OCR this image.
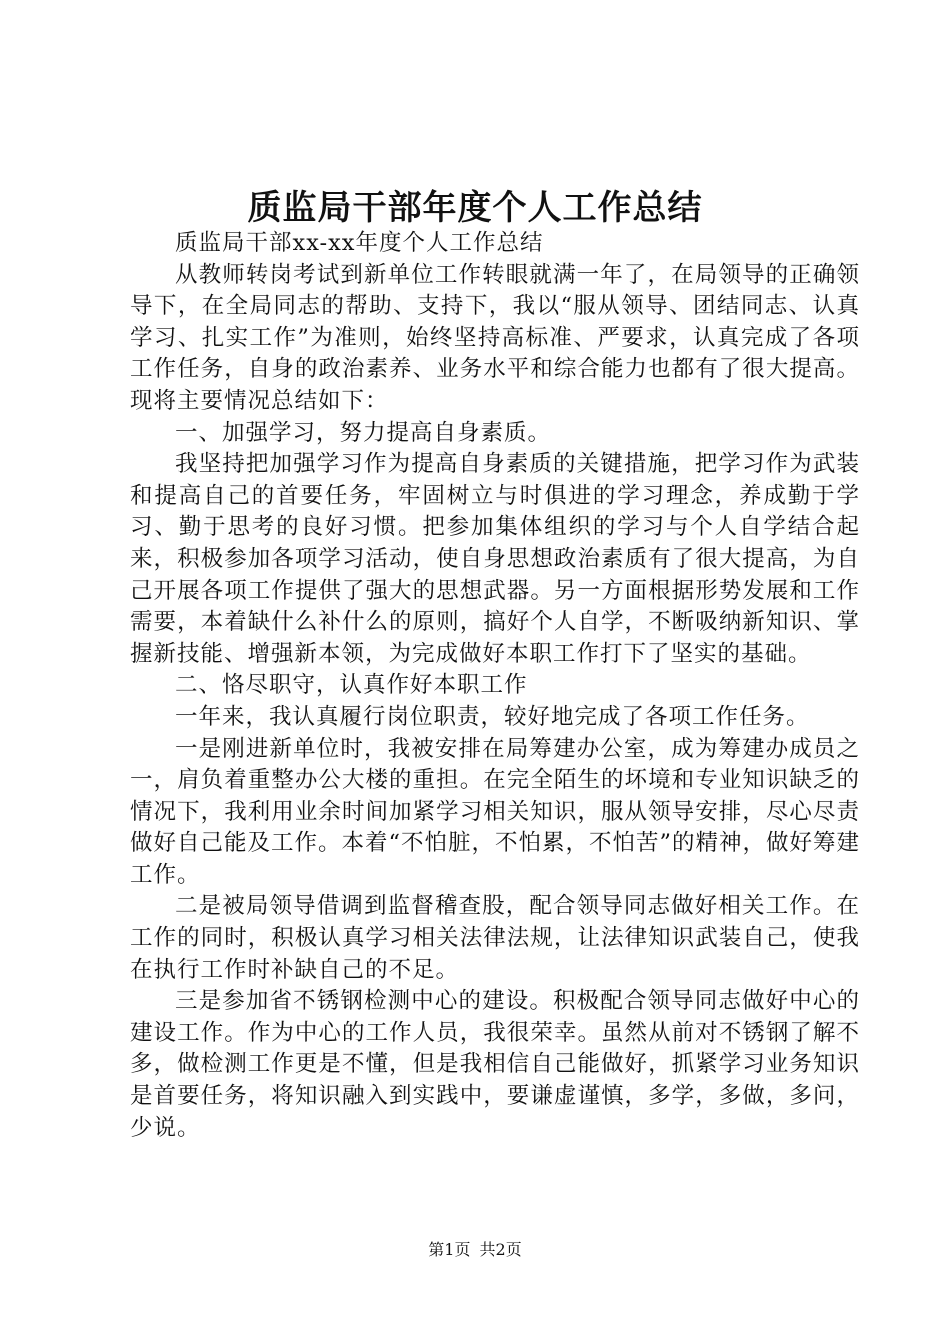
质监局干部年度个人工作总结

质监局干部xx-xx年度个人工作总结

从教师转岗考试到新单位工作转眼就满一年了，在局领导的正确领导下，在全局同志的帮助、支持下，我以“服从领导、团结同志、认真学习、扎实工作”为准则，始终坚持高标准、严要求，认真完成了各项工作任务，自身的政治素养、业务水平和综合能力也都有了很大提高。现将主要情况总结如下：

一、加强学习，努力提高自身素质。

我坚持把加强学习作为提高自身素质的关键措施，把学习作为武装和提高自己的首要任务，牢固树立与时俱进的学习理念，养成勤于学习、勤于思考的良好习惯。把参加集体组织的学习与个人自学结合起来，积极参加各项学习活动，使自身思想政治素质有了很大提高，为自己开展各项工作提供了强大的思想武器。另一方面根据形势发展和工作需要，本着缺什么补什么的原则，搞好个人自学，不断吸纳新知识、掌握新技能、增强新本领，为完成做好本职工作打下了坚实的基础。

二、恪尽职守，认真作好本职工作

一年来，我认真履行岗位职责，较好地完成了各项工作任务。

一是刚进新单位时，我被安排在局筹建办公室，成为筹建办成员之一，肩负着重整办公大楼的重担。在完全陌生的坏境和专业知识缺乏的情况下，我利用业余时间加紧学习相关知识，服从领导安排，尽心尽责做好自己能及工作。本着“不怕脏，不怕累，不怕苦”的精神，做好筹建工作。

二是被局领导借调到监督稽查股，配合领导同志做好相关工作。在工作的同时，积极认真学习相关法律法规，让法律知识武装自己，使我在执行工作时补缺自己的不足。

三是参加省不锈钢检测中心的建设。积极配合领导同志做好中心的建设工作。作为中心的工作人员，我很荣幸。虽然从前对不锈钢了解不多，做检测工作更是不懂，但是我相信自己能做好，抓紧学习业务知识是首要任务，将知识融入到实践中，要谦虚谨慎，多学，多做，多问，少说。

第1页 共2页
